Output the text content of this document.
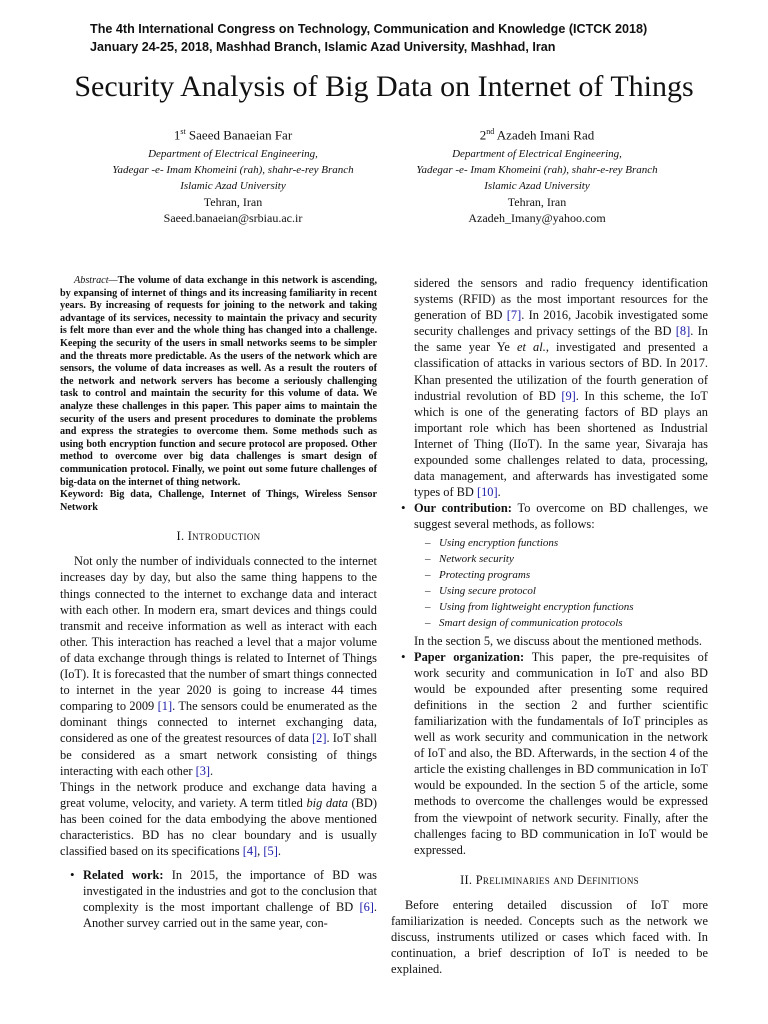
The 4th International Congress on Technology, Communication and Knowledge (ICTCK 2018)
January 24-25, 2018, Mashhad Branch, Islamic Azad University, Mashhad, Iran
Security Analysis of Big Data on Internet of Things
1st Saeed Banaeian Far
Department of Electrical Engineering,
Yadegar -e- Imam Khomeini (rah), shahr-e-rey Branch
Islamic Azad University
Tehran, Iran
Saeed.banaeian@srbiau.ac.ir
2nd Azadeh Imani Rad
Department of Electrical Engineering,
Yadegar -e- Imam Khomeini (rah), shahr-e-rey Branch
Islamic Azad University
Tehran, Iran
Azadeh_Imany@yahoo.com

Abstract—The volume of data exchange in this network is ascending, by expansing of internet of things and its increasing familiarity in recent years. By increasing of requests for joining to the network and taking advantage of its services, necessity to maintain the privacy and security is felt more than ever and the whole thing has changed into a challenge. Keeping the security of the users in small networks seems to be simpler and the threats more predictable. As the users of the network which are sensors, the volume of data increases as well. As a result the routers of the network and network servers has become a seriously challenging task to control and maintain the security for this volume of data. We analyze these challenges in this paper. This paper aims to maintain the security of the users and present procedures to dominate the problems and express the strategies to overcome them. Some methods such as using both encryption function and secure protocol are proposed. Other method to overcome over big data challenges is smart design of communication protocol. Finally, we point out some future challenges of big-data on the internet of thing network.

Keyword: Big data, Challenge, Internet of Things, Wireless Sensor Network

I. Introduction

Not only the number of individuals connected to the internet increases day by day, but also the same thing happens to the things connected to the internet to exchange data and interact with each other. In modern era, smart devices and things could transmit and receive information as well as interact with each other. This interaction has reached a level that a major volume of data exchange through things is related to Internet of Things (IoT). It is forecasted that the number of smart things connected to internet in the year 2020 is going to increase 44 times comparing to 2009 [1]. The sensors could be enumerated as the dominant things connected to internet exchanging data, considered as one of the greatest resources of data [2]. IoT shall be considered as a smart network consisting of things interacting with each other [3].

Things in the network produce and exchange data having a great volume, velocity, and variety. A term titled big data (BD) has been coined for the data embodying the above mentioned characteristics. BD has no clear boundary and is usually classified based on its specifications [4], [5].

• Related work: In 2015, the importance of BD was investigated in the industries and got to the conclusion that complexity is the most important challenge of BD [6]. Another survey carried out in the same year, con-

sidered the sensors and radio frequency identification systems (RFID) as the most important resources for the generation of BD [7]. In 2016, Jacobik investigated some security challenges and privacy settings of the BD [8]. In the same year Ye et al., investigated and presented a classification of attacks in various sectors of BD. In 2017. Khan presented the utilization of the fourth generation of industrial revolution of BD [9]. In this scheme, the IoT which is one of the generating factors of BD plays an important role which has been shortened as Industrial Internet of Thing (IIoT). In the same year, Sivaraja has expounded some challenges related to data, processing, data management, and afterwards has investigated some types of BD [10].

• Our contribution: To overcome on BD challenges, we suggest several methods, as follows:
– Using encryption functions
– Network security
– Protecting programs
– Using secure protocol
– Using from lightweight encryption functions
– Smart design of communication protocols

In the section 5, we discuss about the mentioned methods.

• Paper organization: This paper, the pre-requisites of work security and communication in IoT and also BD would be expounded after presenting some required definitions in the section 2 and further scientific familiarization with the fundamentals of IoT principles as well as work security and communication in the network of IoT and also, the BD. Afterwards, in the section 4 of the article the existing challenges in BD communication in IoT would be expounded. In the section 5 of the article, some methods to overcome the challenges would be expressed from the viewpoint of network security. Finally, after the challenges facing to BD communication in IoT would be expressed.
II. Preliminaries and Definitions

Before entering detailed discussion of IoT more familiarization is needed. Concepts such as the network we discuss, instruments utilized or cases which faced with. In continuation, a brief description of IoT is needed to be explained.
